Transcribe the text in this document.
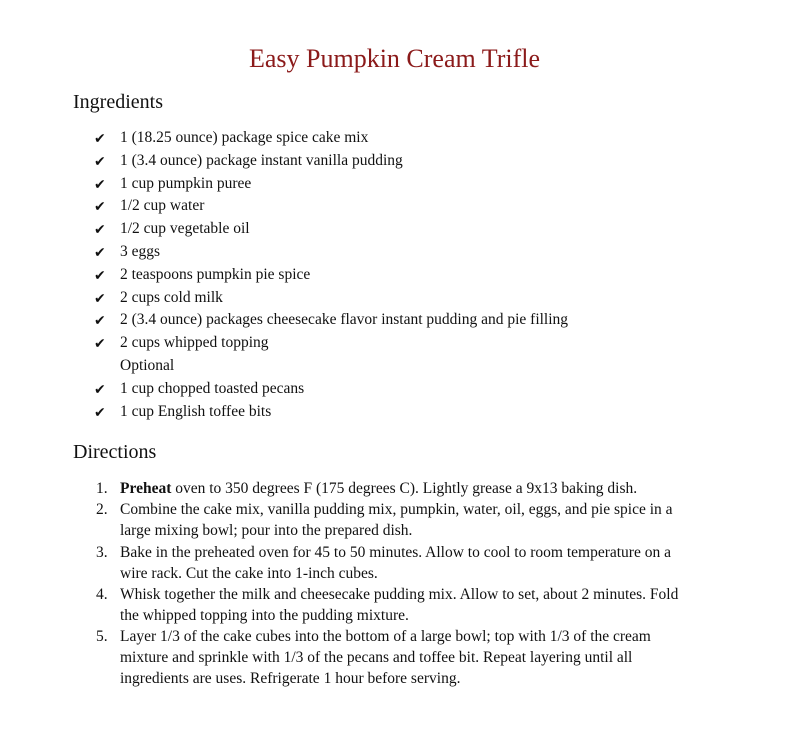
Easy Pumpkin Cream Trifle
Ingredients
✔ 1 (18.25 ounce) package spice cake mix
✔ 1 (3.4 ounce) package instant vanilla pudding
✔ 1 cup pumpkin puree
✔ 1/2 cup water
✔ 1/2 cup vegetable oil
✔ 3 eggs
✔ 2 teaspoons pumpkin pie spice
✔ 2 cups cold milk
✔ 2 (3.4 ounce) packages cheesecake flavor instant pudding and pie filling
✔ 2 cups whipped topping
Optional
✔ 1 cup chopped toasted pecans
✔ 1 cup English toffee bits
Directions
1. Preheat oven to 350 degrees F (175 degrees C). Lightly grease a 9x13 baking dish.
2. Combine the cake mix, vanilla pudding mix, pumpkin, water, oil, eggs, and pie spice in a large mixing bowl; pour into the prepared dish.
3. Bake in the preheated oven for 45 to 50 minutes. Allow to cool to room temperature on a wire rack. Cut the cake into 1-inch cubes.
4. Whisk together the milk and cheesecake pudding mix. Allow to set, about 2 minutes. Fold the whipped topping into the pudding mixture.
5. Layer 1/3 of the cake cubes into the bottom of a large bowl; top with 1/3 of the cream mixture and sprinkle with 1/3 of the pecans and toffee bit. Repeat layering until all ingredients are uses. Refrigerate 1 hour before serving.
